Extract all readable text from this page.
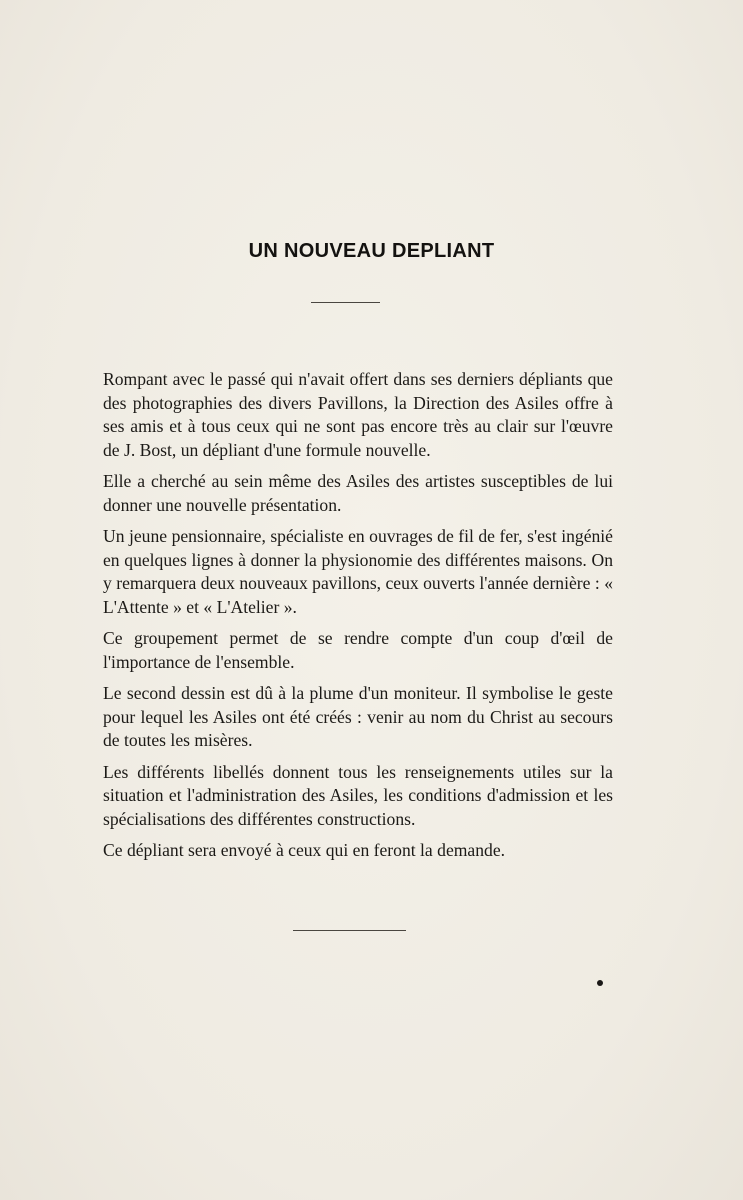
UN NOUVEAU DEPLIANT

Rompant avec le passé qui n'avait offert dans ses derniers dépliants que des photographies des divers Pavillons, la Direction des Asiles offre à ses amis et à tous ceux qui ne sont pas encore très au clair sur l'œuvre de J. Bost, un dépliant d'une formule nouvelle.

Elle a cherché au sein même des Asiles des artistes susceptibles de lui donner une nouvelle présentation.

Un jeune pensionnaire, spécialiste en ouvrages de fil de fer, s'est ingénié en quelques lignes à donner la physionomie des différentes maisons. On y remarquera deux nouveaux pavillons, ceux ouverts l'année dernière : « L'Attente » et « L'Atelier ».

Ce groupement permet de se rendre compte d'un coup d'œil de l'importance de l'ensemble.

Le second dessin est dû à la plume d'un moniteur. Il symbolise le geste pour lequel les Asiles ont été créés : venir au nom du Christ au secours de toutes les misères.

Les différents libellés donnent tous les renseignements utiles sur la situation et l'administration des Asiles, les conditions d'admission et les spécialisations des différentes constructions.

Ce dépliant sera envoyé à ceux qui en feront la demande.
